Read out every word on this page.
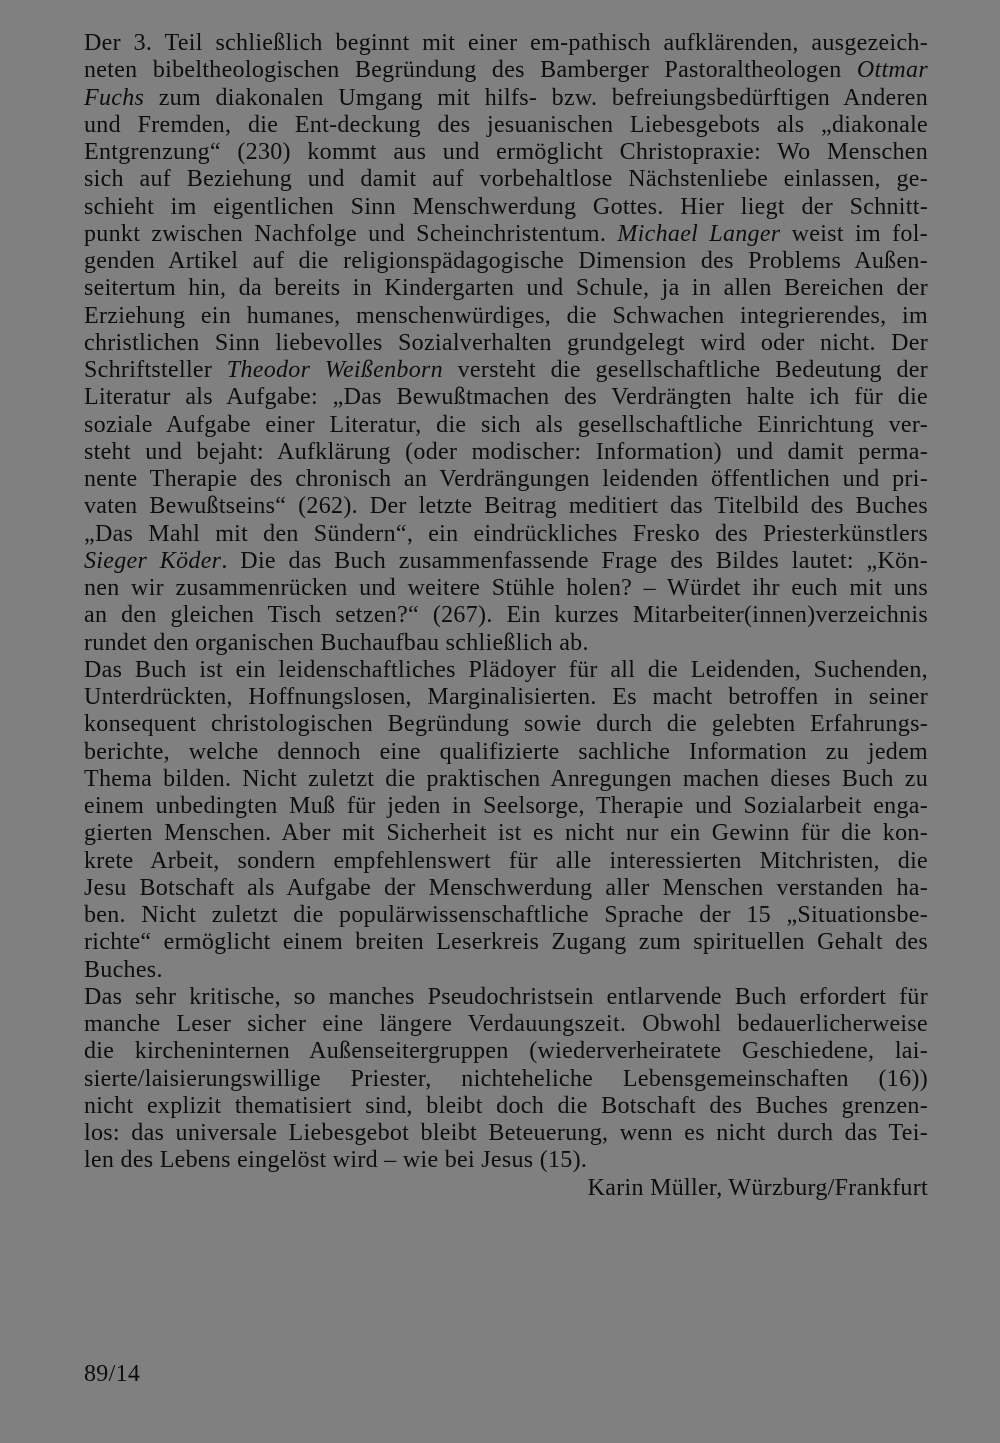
Der 3. Teil schließlich beginnt mit einer em-pathisch aufklärenden, ausgezeich-
neten bibeltheologischen Begründung des Bamberger Pastoraltheologen Ottmar
Fuchs zum diakonalen Umgang mit hilfs- bzw. befreiungsbedürftigen Anderen
und Fremden, die Ent-deckung des jesuanischen Liebesgebots als „diakonale
Entgrenzung“ (230) kommt aus und ermöglicht Christopraxie: Wo Menschen
sich auf Beziehung und damit auf vorbehaltlose Nächstenliebe einlassen, ge-
schieht im eigentlichen Sinn Menschwerdung Gottes. Hier liegt der Schnitt-
punkt zwischen Nachfolge und Scheinchristentum. Michael Langer weist im fol-
genden Artikel auf die religionspädagogische Dimension des Problems Außen-
seitertum hin, da bereits in Kindergarten und Schule, ja in allen Bereichen der
Erziehung ein humanes, menschenwürdiges, die Schwachen integrierendes, im
christlichen Sinn liebevolles Sozialverhalten grundgelegt wird oder nicht. Der
Schriftsteller Theodor Weißenborn versteht die gesellschaftliche Bedeutung der
Literatur als Aufgabe: „Das Bewußtmachen des Verdrängten halte ich für die
soziale Aufgabe einer Literatur, die sich als gesellschaftliche Einrichtung ver-
steht und bejaht: Aufklärung (oder modischer: Information) und damit perma-
nente Therapie des chronisch an Verdrängungen leidenden öffentlichen und pri-
vaten Bewußtseins“ (262). Der letzte Beitrag meditiert das Titelbild des Buches
„Das Mahl mit den Sündern“, ein eindrückliches Fresko des Priesterkünstlers
Sieger Köder. Die das Buch zusammenfassende Frage des Bildes lautet: „Kön-
nen wir zusammenrücken und weitere Stühle holen? – Würdet ihr euch mit uns
an den gleichen Tisch setzen?“ (267). Ein kurzes Mitarbeiter(innen)verzeichnis
rundet den organischen Buchaufbau schließlich ab.
Das Buch ist ein leidenschaftliches Plädoyer für all die Leidenden, Suchenden,
Unterdrückten, Hoffnungslosen, Marginalisierten. Es macht betroffen in seiner
konsequent christologischen Begründung sowie durch die gelebten Erfahrungs-
berichte, welche dennoch eine qualifizierte sachliche Information zu jedem
Thema bilden. Nicht zuletzt die praktischen Anregungen machen dieses Buch zu
einem unbedingten Muß für jeden in Seelsorge, Therapie und Sozialarbeit enga-
gierten Menschen. Aber mit Sicherheit ist es nicht nur ein Gewinn für die kon-
krete Arbeit, sondern empfehlenswert für alle interessierten Mitchristen, die
Jesu Botschaft als Aufgabe der Menschwerdung aller Menschen verstanden ha-
ben. Nicht zuletzt die populärwissenschaftliche Sprache der 15 „Situationsbe-
richte“ ermöglicht einem breiten Leserkreis Zugang zum spirituellen Gehalt des
Buches.
Das sehr kritische, so manches Pseudochristsein entlarvende Buch erfordert für
manche Leser sicher eine längere Verdauungszeit. Obwohl bedauerlicherweise
die kircheninternen Außenseitergruppen (wiederverheiratete Geschiedene, lai-
sierte/laisierungswillige Priester, nichteheliche Lebensgemeinschaften (16))
nicht explizit thematisiert sind, bleibt doch die Botschaft des Buches grenzen-
los: das universale Liebesgebot bleibt Beteuerung, wenn es nicht durch das Tei-
len des Lebens eingelöst wird – wie bei Jesus (15).
Karin Müller, Würzburg/Frankfurt
89/14
